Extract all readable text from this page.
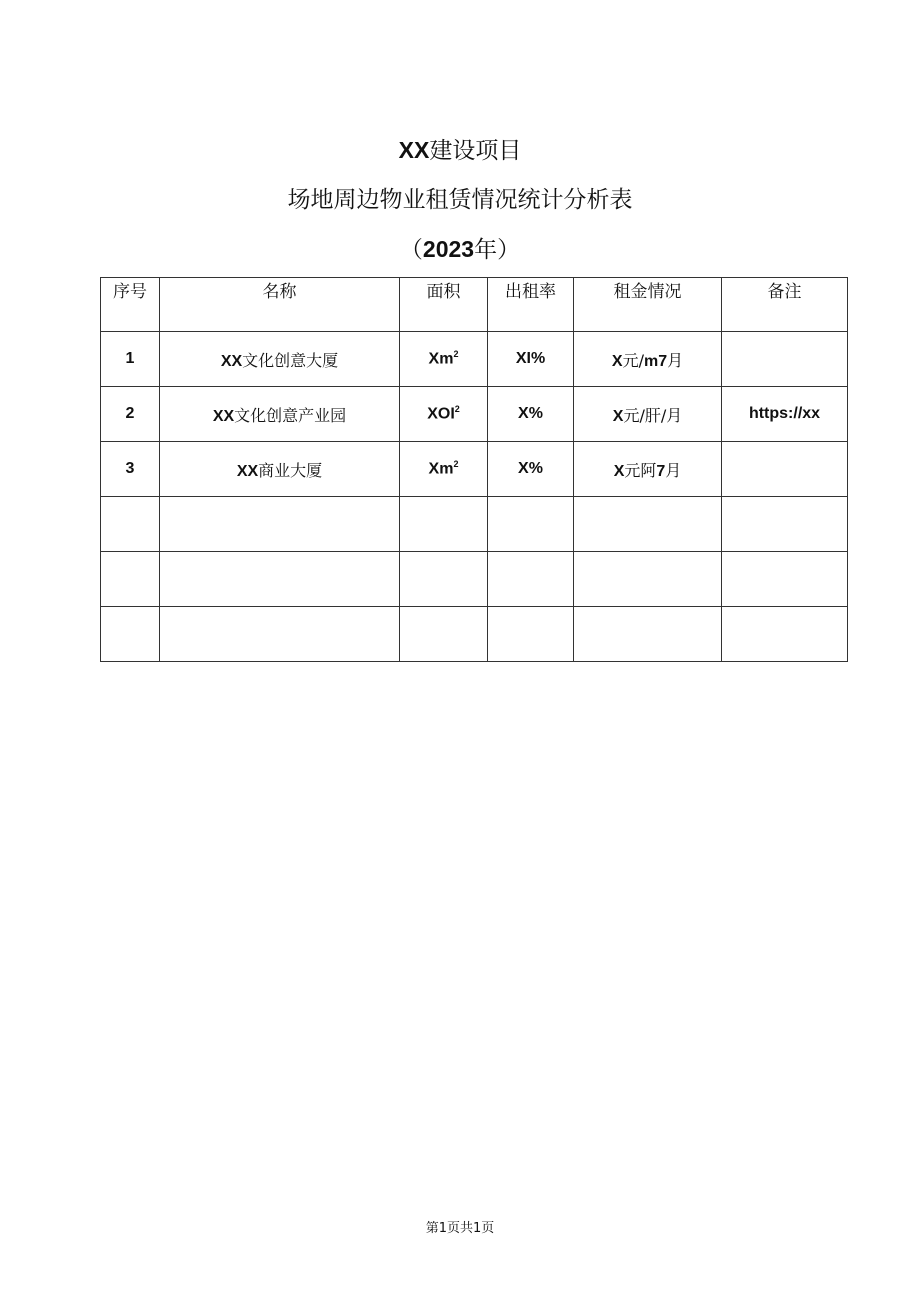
XX建设项目
场地周边物业租赁情况统计分析表
（2023年）
序号	名称	面积	出租率	租金情况	备注
1	XX文化创意大厦	Xm$^2$	XI%	X元/m7月	
2	XX文化创意产业园	XOI$^2$	X%	X元/肝/月	https://xx
3	XX商业大厦	Xm$^2$	X%	X元阿7月	

第1页共1页
